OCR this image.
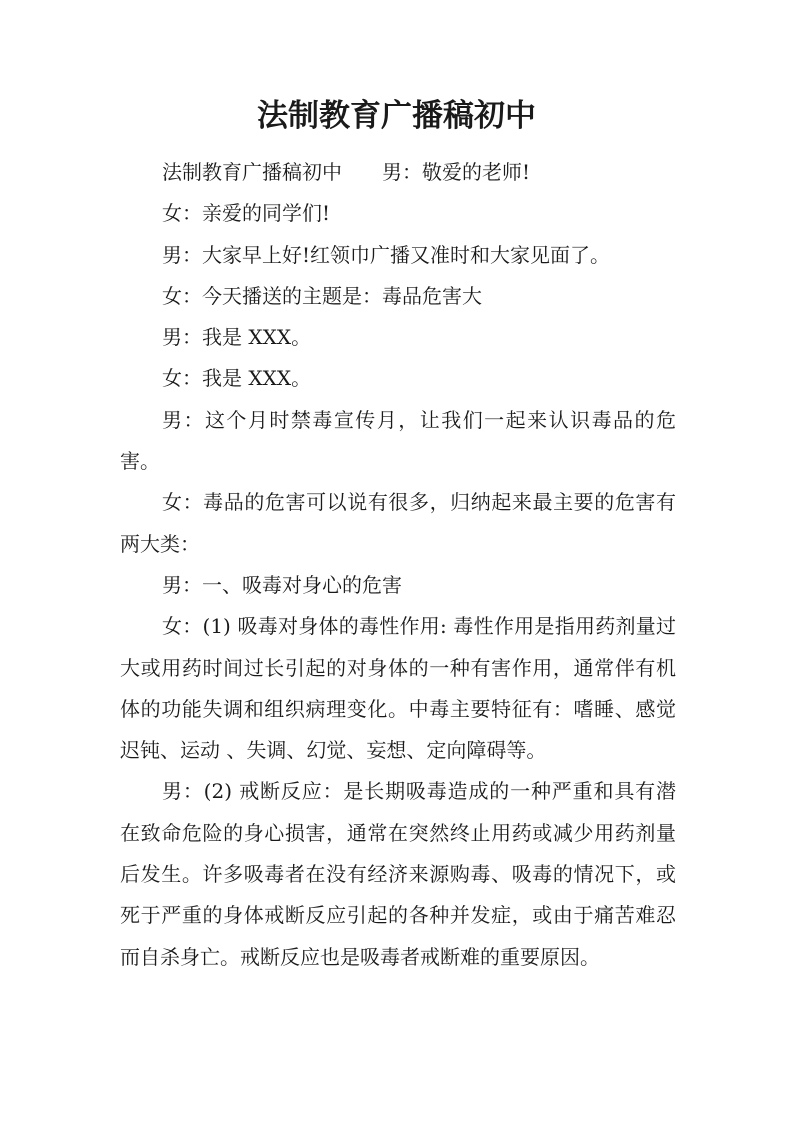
法制教育广播稿初中

法制教育广播稿初中 男：敬爱的老师!

女：亲爱的同学们!

男：大家早上好!红领巾广播又准时和大家见面了。

女：今天播送的主题是：毒品危害大

男：我是 XXX。

女：我是 XXX。

男：这个月时禁毒宣传月，让我们一起来认识毒品的危害。

女：毒品的危害可以说有很多，归纳起来最主要的危害有两大类：

男：一、吸毒对身心的危害

女：(1) 吸毒对身体的毒性作用: 毒性作用是指用药剂量过大或用药时间过长引起的对身体的一种有害作用，通常伴有机体的功能失调和组织病理变化。中毒主要特征有：嗜睡、感觉迟钝、运动 、失调、幻觉、妄想、定向障碍等。

男：(2) 戒断反应：是长期吸毒造成的一种严重和具有潜在致命危险的身心损害，通常在突然终止用药或减少用药剂量后发生。许多吸毒者在没有经济来源购毒、吸毒的情况下，或死于严重的身体戒断反应引起的各种并发症，或由于痛苦难忍而自杀身亡。戒断反应也是吸毒者戒断难的重要原因。
